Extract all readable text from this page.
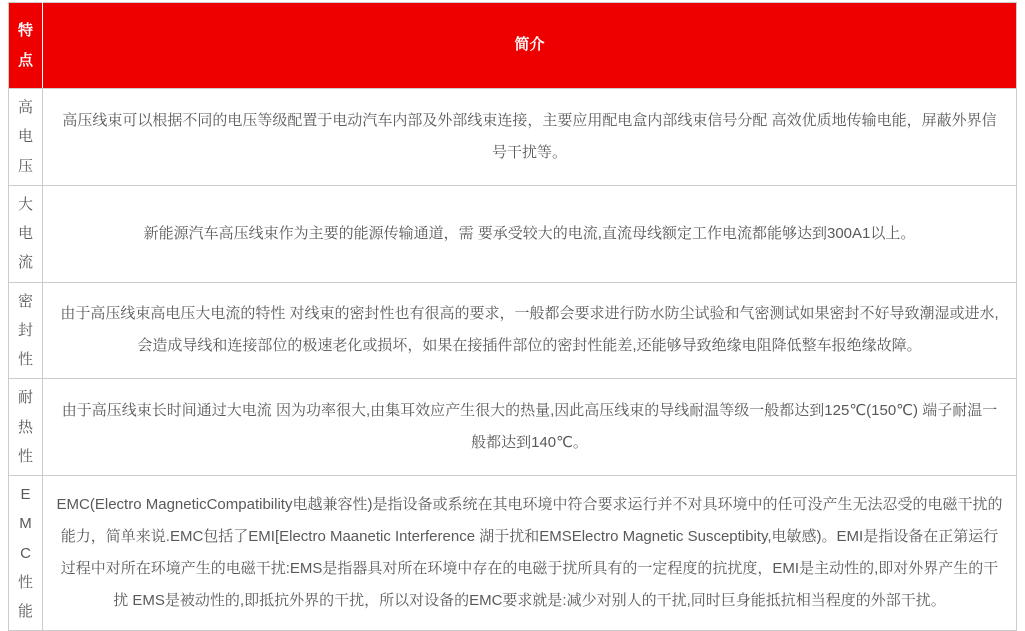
特点	简介
高电压	高压线束可以根据不同的电压等级配置于电动汽车内部及外部线束连接，主要应用配电盒内部线束信号分配 高效优质地传输电能，屏蔽外界信号干扰等。
大电流	新能源汽车高压线束作为主要的能源传输通道，需 要承受较大的电流,直流母线额定工作电流都能够达到300A1以上。
密封性	由于高压线束高电压大电流的特性 对线束的密封性也有很高的要求，一般都会要求进行防水防尘试验和气密测试如果密封不好导致潮湿或进水,会造成导线和连接部位的极速老化或损坏，如果在接插件部位的密封性能差,还能够导致绝缘电阻降低整车报绝缘故障。
耐热性	由于高压线束长时间通过大电流 因为功率很大,由集耳效应产生很大的热量,因此高压线束的导线耐温等级一般都达到125℃(150℃) 端子耐温一般都达到140℃。
EMC性能	EMC(Electro MagneticCompatibility电越兼容性)是指设备或系统在其电环境中符合要求运行并不对具环境中的任可没产生无法忍受的电磁干扰的能力，简单来说.EMC包括了EMI[Electro Maanetic Interference 湖于扰和EMSElectro Magnetic Susceptibity,电敏感)。EMI是指设备在正第运行过程中对所在环境产生的电磁干扰:EMS是指器具对所在环境中存在的电磁于扰所具有的一定程度的抗扰度，EMI是主动性的,即对外界产生的干扰 EMS是被动性的,即抵抗外界的干扰，所以对设备的EMC要求就是:减少对别人的干扰,同时巨身能抵抗相当程度的外部干扰。
